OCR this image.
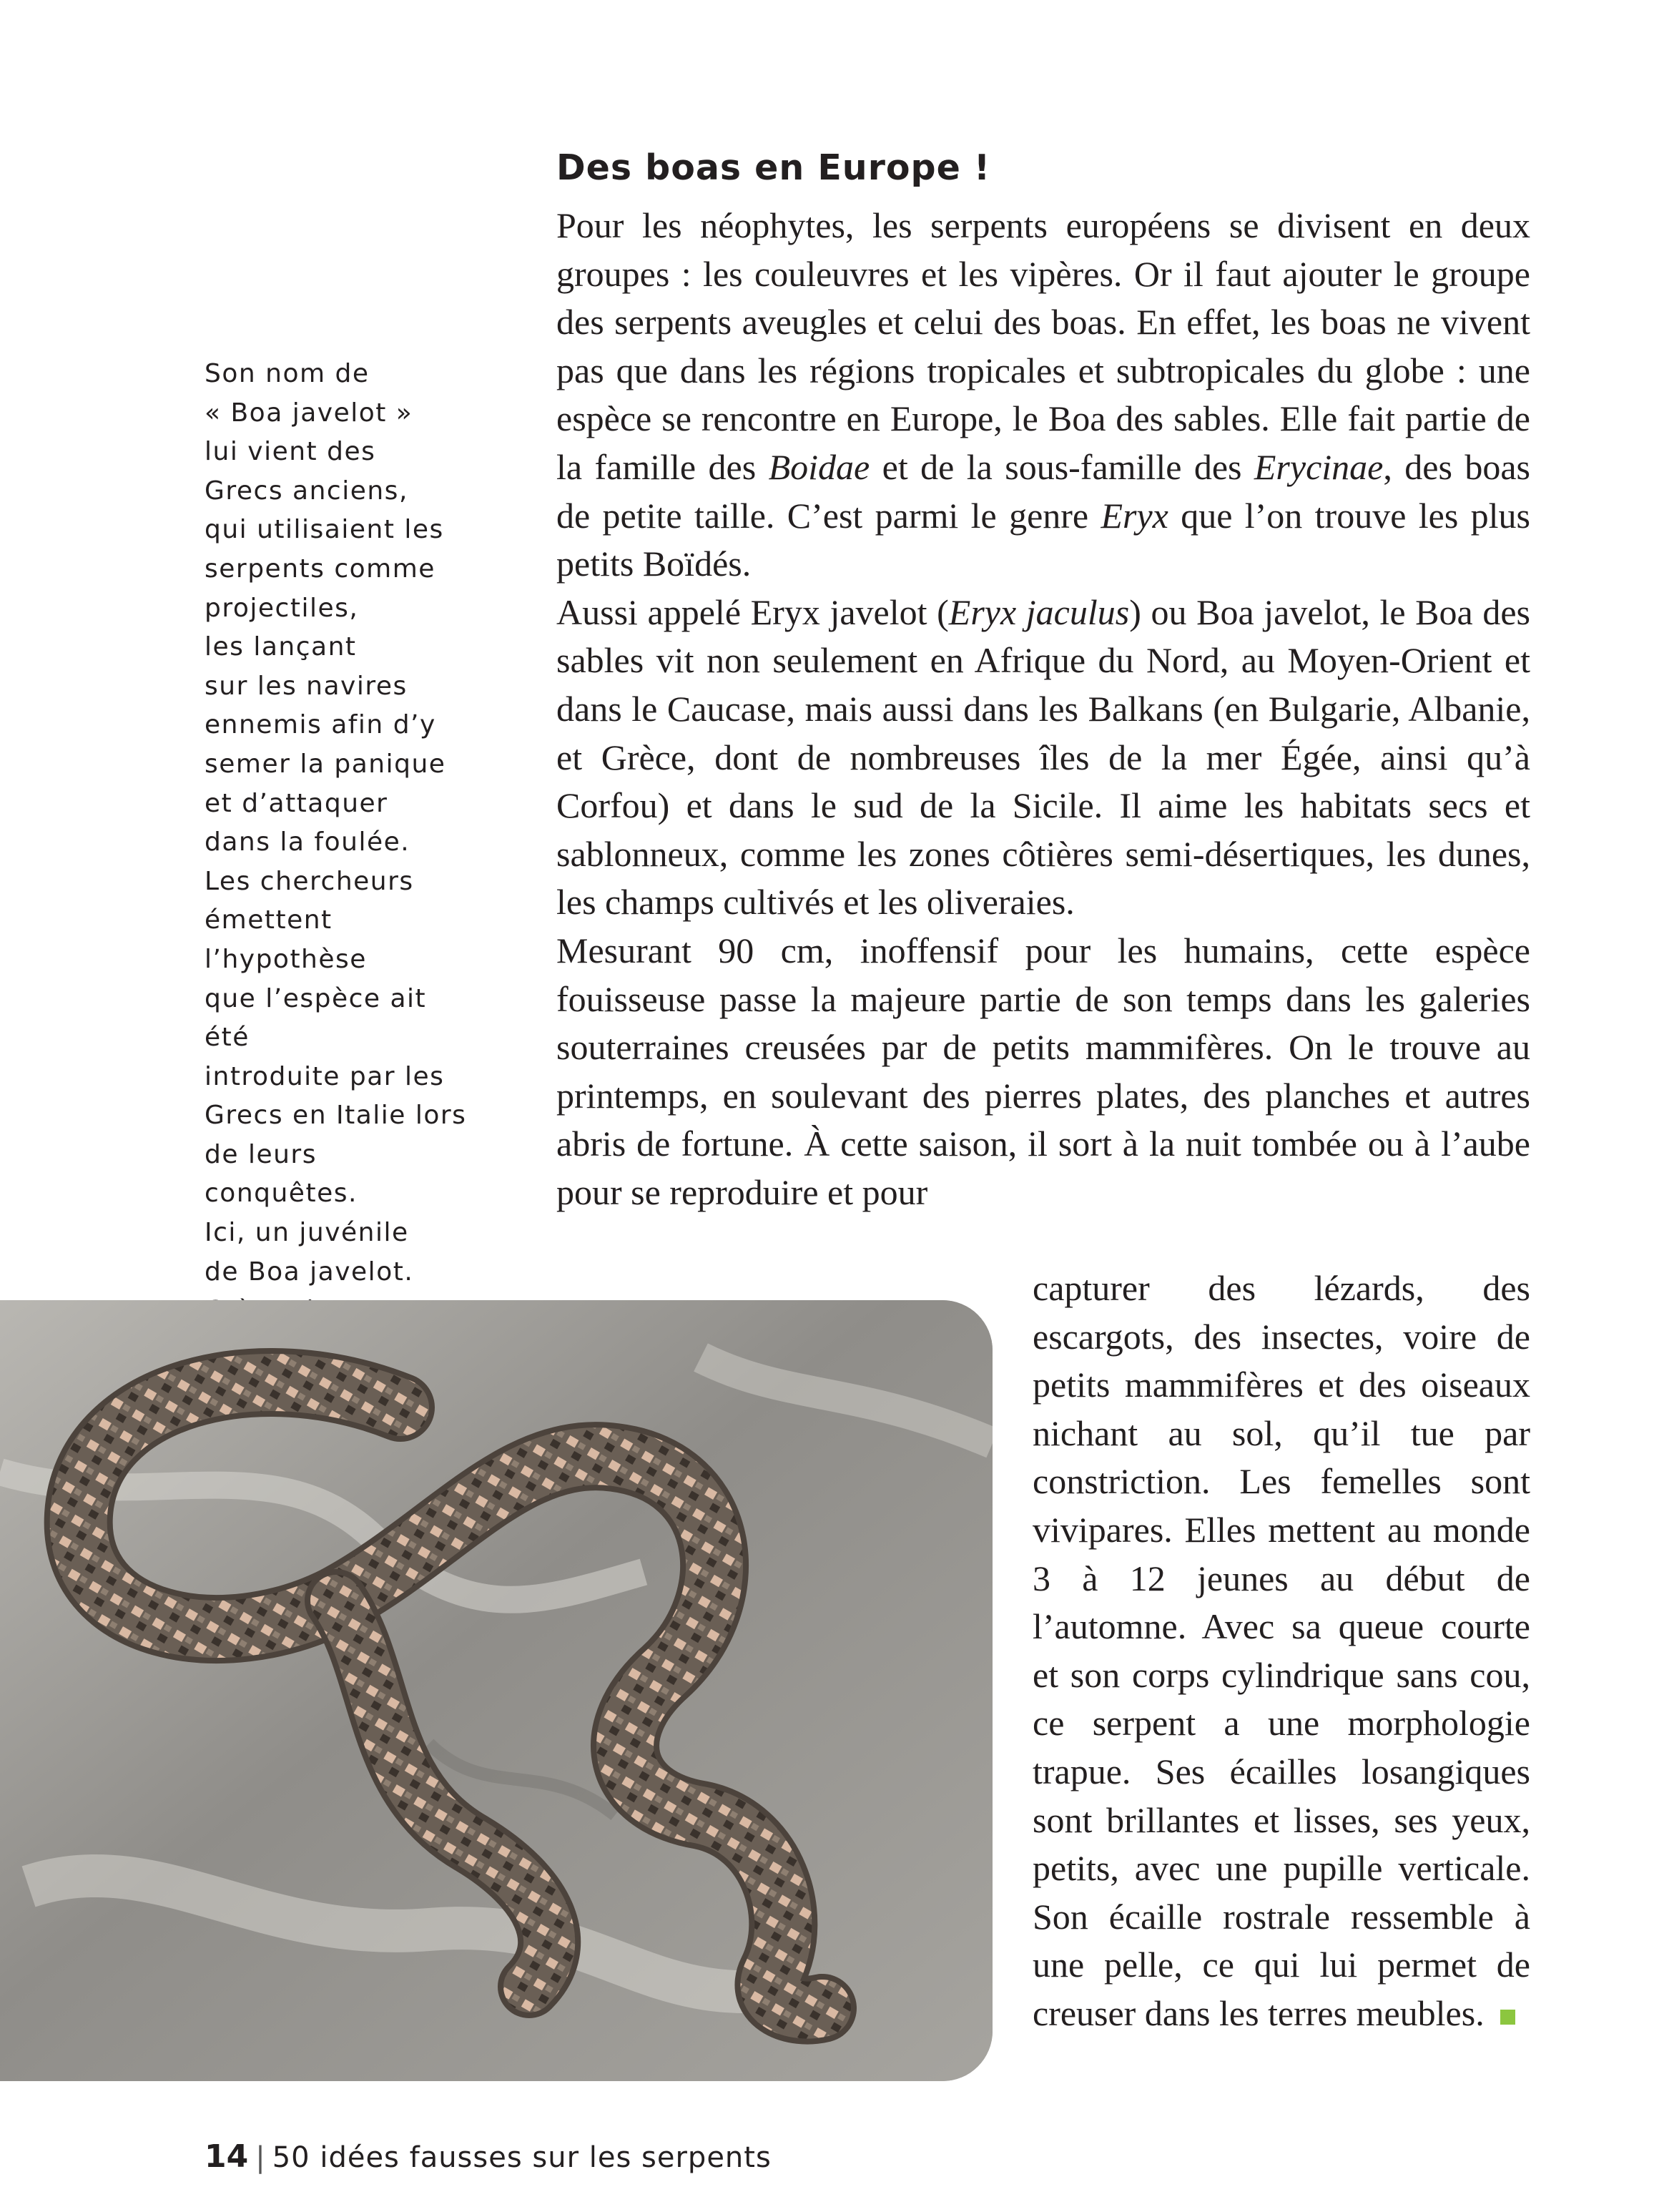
Des boas en Europe !

Pour les néophytes, les serpents européens se divisent en deux groupes : les couleuvres et les vipères. Or il faut ajouter le groupe des serpents aveugles et celui des boas. En effet, les boas ne vivent pas que dans les régions tropicales et subtropicales du globe : une espèce se rencontre en Europe, le Boa des sables. Elle fait partie de la famille des Boidae et de la sous-famille des Erycinae, des boas de petite taille. C’est parmi le genre Eryx que l’on trouve les plus petits Boïdés.

Aussi appelé Eryx javelot (Eryx jaculus) ou Boa javelot, le Boa des sables vit non seulement en Afrique du Nord, au Moyen-Orient et dans le Caucase, mais aussi dans les Balkans (en Bulgarie, Albanie, et Grèce, dont de nombreuses îles de la mer Égée, ainsi qu’à Corfou) et dans le sud de la Sicile. Il aime les habitats secs et sablonneux, comme les zones côtières semi-désertiques, les dunes, les champs cultivés et les oliveraies.

Mesurant 90 cm, inoffensif pour les humains, cette espèce fouisseuse passe la majeure partie de son temps dans les galeries souterraines creusées par de petits mammifères. On le trouve au printemps, en soulevant des pierres plates, des planches et autres abris de fortune. À cette saison, il sort à la nuit tombée ou à l’aube pour se reproduire et pour

capturer des lézards, des escargots, des insectes, voire de petits mammifères et des oiseaux nichant au sol, qu’il tue par constriction. Les femelles sont vivipares. Elles mettent au monde 3 à 12 jeunes au début de l’automne. Avec sa queue courte et son corps cylindrique sans cou, ce serpent a une morphologie trapue. Ses écailles losangiques sont brillantes et lisses, ses yeux, petits, avec une pupille verticale. Son écaille rostrale ressemble à une pelle, ce qui lui permet de creuser dans les terres meubles.
Son nom de
« Boa javelot »
lui vient des
Grecs anciens,
qui utilisaient les
serpents comme
projectiles,
les lançant
sur les navires
ennemis afin d’y
semer la panique
et d’attaquer
dans la foulée.
Les chercheurs
émettent
l’hypothèse
que l’espèce ait été
introduite par les
Grecs en Italie lors
de leurs conquêtes.
Ici, un juvénile
de Boa javelot.
14 | 50 idées fausses sur les serpents
